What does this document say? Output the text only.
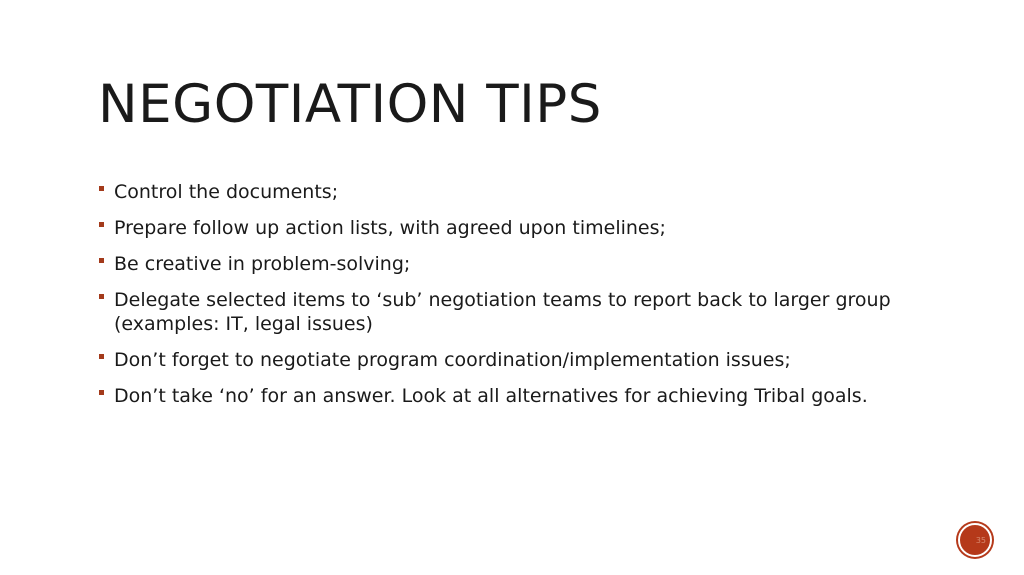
NEGOTIATION TIPS
Control the documents;
Prepare follow up action lists, with agreed upon timelines;
Be creative in problem-solving;
Delegate selected items to ‘sub’ negotiation teams to report back to larger group (examples: IT, legal issues)
Don’t forget to negotiate program coordination/implementation issues;
Don’t take ‘no’ for an answer. Look at all alternatives for achieving Tribal goals.
35
